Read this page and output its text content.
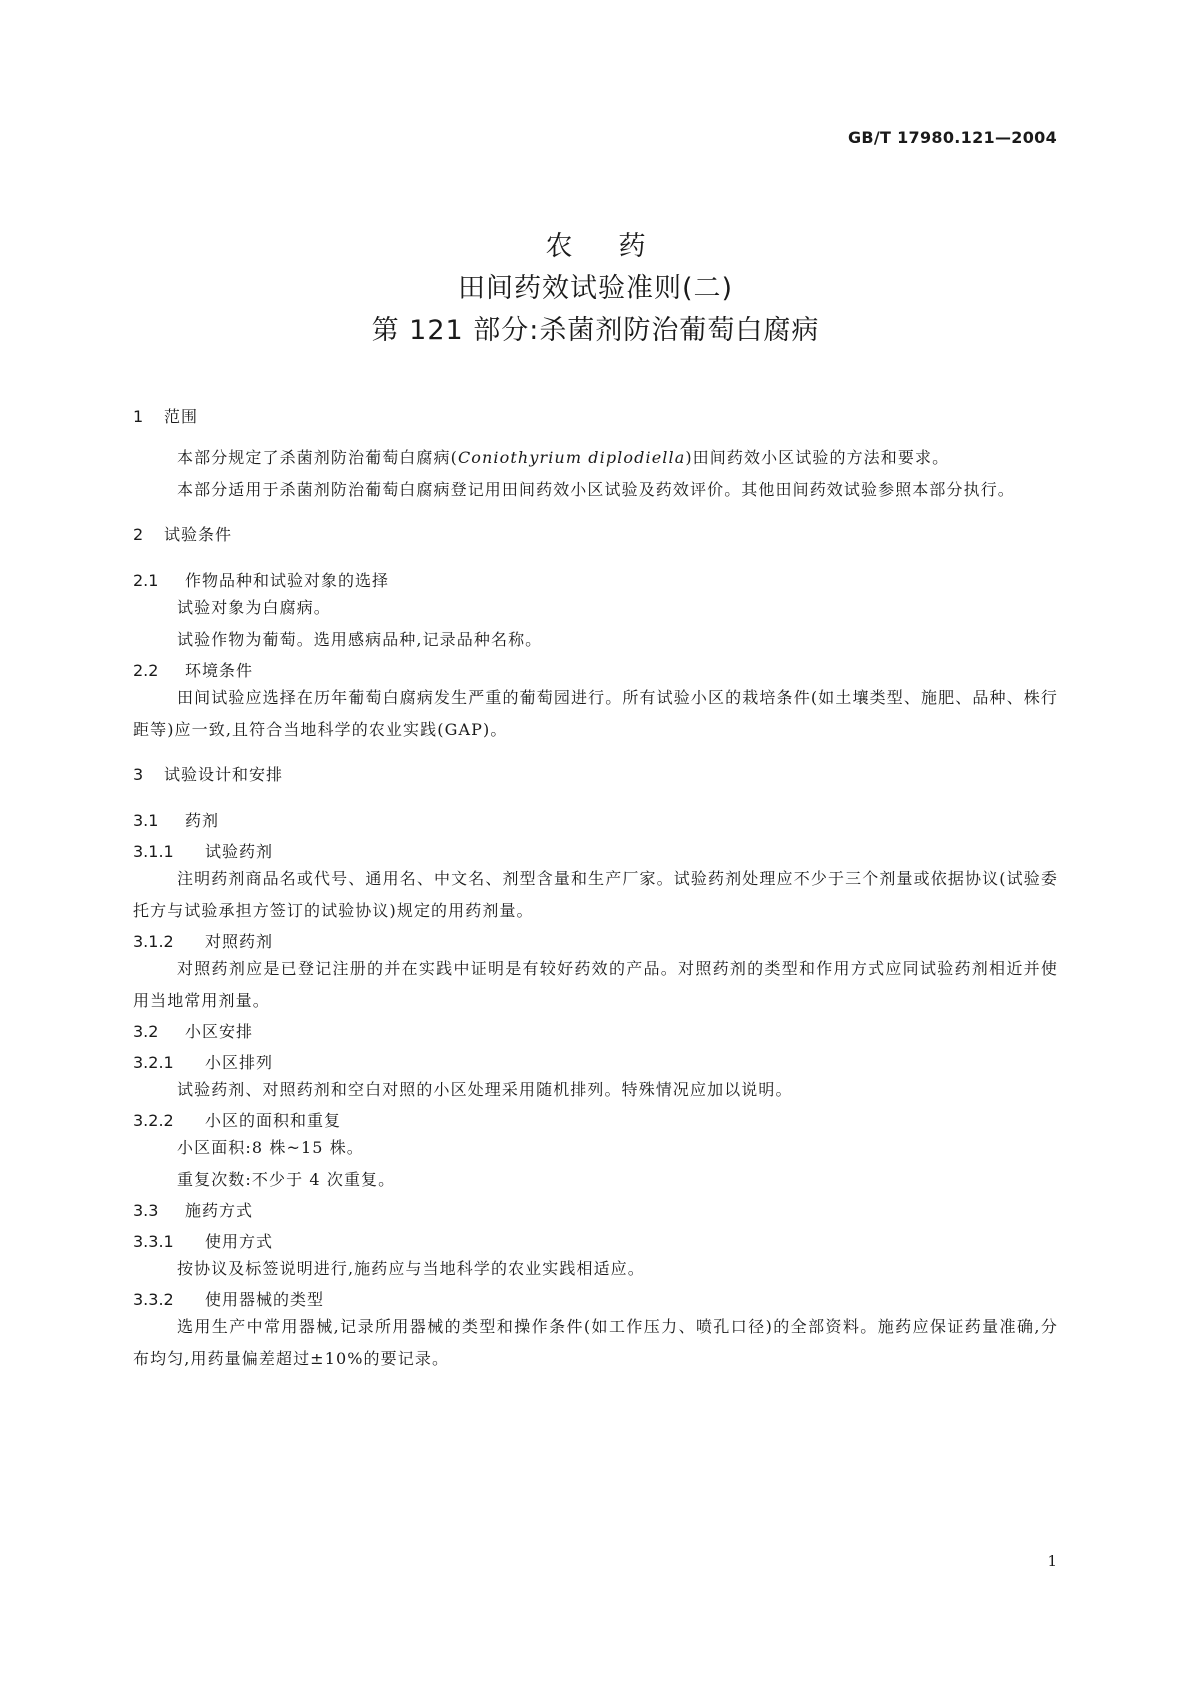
GB/T 17980.121—2004
农药
田间药效试验准则(二)
第 121 部分:杀菌剂防治葡萄白腐病
1	范围

本部分规定了杀菌剂防治葡萄白腐病(Coniothyrium diplodiella)田间药效小区试验的方法和要求。

本部分适用于杀菌剂防治葡萄白腐病登记用田间药效小区试验及药效评价。其他田间药效试验参照本部分执行。

2	试验条件
2.1	作物品种和试验对象的选择

试验对象为白腐病。

试验作物为葡萄。选用感病品种,记录品种名称。

2.2	环境条件

田间试验应选择在历年葡萄白腐病发生严重的葡萄园进行。所有试验小区的栽培条件(如土壤类型、施肥、品种、株行距等)应一致,且符合当地科学的农业实践(GAP)。

3	试验设计和安排
3.1	药剂
3.1.1	试验药剂

注明药剂商品名或代号、通用名、中文名、剂型含量和生产厂家。试验药剂处理应不少于三个剂量或依据协议(试验委托方与试验承担方签订的试验协议)规定的用药剂量。

3.1.2	对照药剂

对照药剂应是已登记注册的并在实践中证明是有较好药效的产品。对照药剂的类型和作用方式应同试验药剂相近并使用当地常用剂量。

3.2	小区安排
3.2.1	小区排列

试验药剂、对照药剂和空白对照的小区处理采用随机排列。特殊情况应加以说明。

3.2.2	小区的面积和重复

小区面积:8 株~15 株。

重复次数:不少于 4 次重复。

3.3	施药方式
3.3.1	使用方式

按协议及标签说明进行,施药应与当地科学的农业实践相适应。

3.3.2	使用器械的类型

选用生产中常用器械,记录所用器械的类型和操作条件(如工作压力、喷孔口径)的全部资料。施药应保证药量准确,分布均匀,用药量偏差超过±10%的要记录。

1
